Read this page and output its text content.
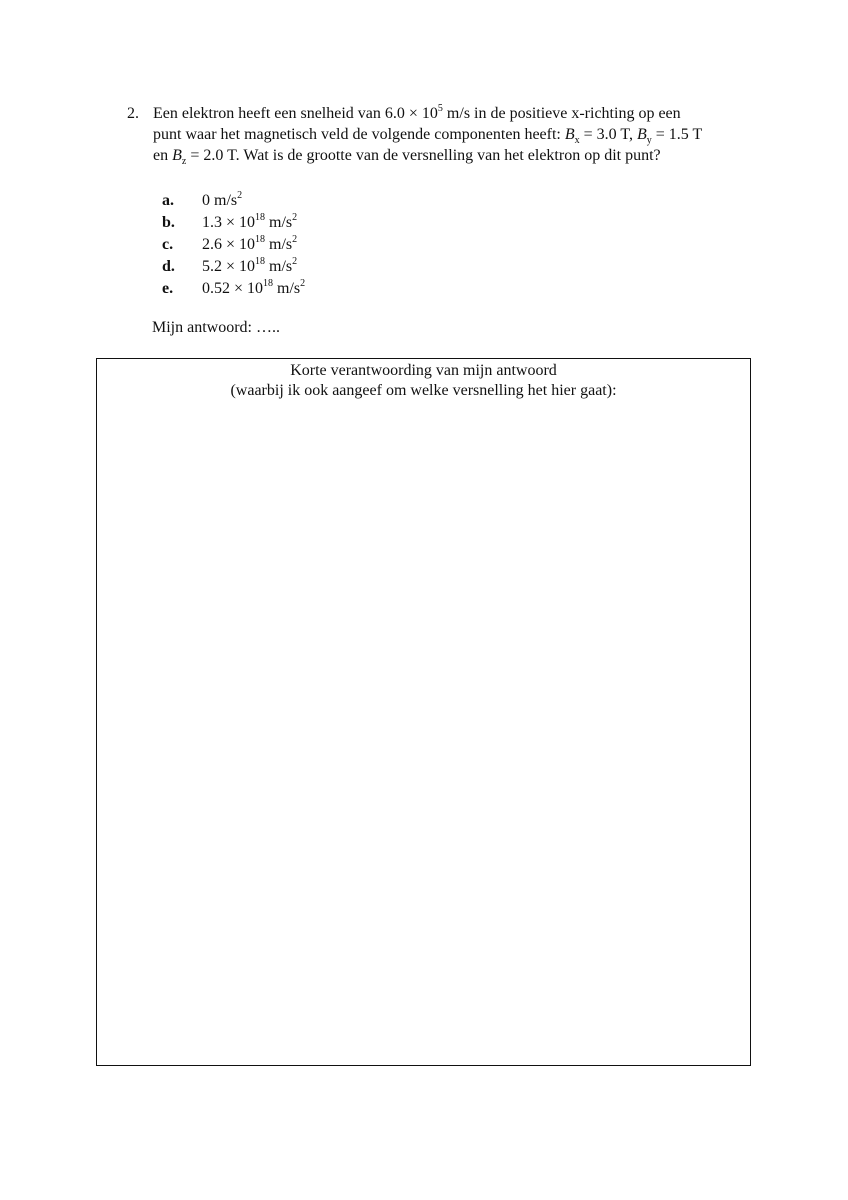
2. Een elektron heeft een snelheid van $6.0 \times 10^5$ m/s in de positieve x-richting op een
punt waar het magnetisch veld de volgende componenten heeft: $B_x = 3.0$ T, $B_y = 1.5$ T
en $B_z = 2.0$ T. Wat is de grootte van de versnelling van het elektron op dit punt?
a. 0 $m/s^2$
b. $1.3 \times 10^{18}$ $m/s^2$
c. $2.6 \times 10^{18}$ $m/s^2$
d. $5.2 \times 10^{18}$ $m/s^2$
e. $0.52 \times 10^{18}$ $m/s^2$
Mijn antwoord: …..
Korte verantwoording van mijn antwoord
(waarbij ik ook aangeef om welke versnelling het hier gaat):
